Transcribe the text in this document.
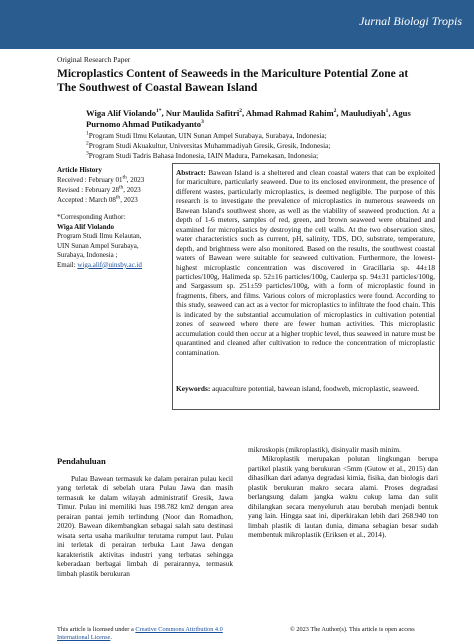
Jurnal Biologi Tropis
Original Research Paper
Microplastics Content of Seaweeds in the Mariculture Potential Zone at The Southwest of Coastal Bawean Island
Wiga Alif Violando$^{1*}$, Nur Maulida Safitri$^2$, Ahmad Rahmad Rahim$^2$, Mauludiyah$^1$, Agus
Purnomo Ahmad Putikadyanto$^3$
$^1$Program Studi Ilmu Kelautan, UIN Sunan Ampel Surabaya, Surabaya, Indonesia;
$^2$Program Studi Akuakultur, Universitas Muhammadiyah Gresik, Gresik, Indonesia;
$^3$Program Studi Tadris Bahasa Indonesia, IAIN Madura, Pamekasan, Indonesia;
Article History
Received : February 01th, 2023
Revised : February 28th, 2023
Accepted : March 08th, 2023
*Corresponding Author:
Wiga Alif Violando
Program Studi Ilmu Kelautan,
UIN Sunan Ampel Surabaya,
Surabaya, Indonesia ;
Email: wiga.alif@uinsby.ac.id
Abstract: Bawean Island is a sheltered and clean coastal waters that can be exploited for mariculture, particularly seaweed. Due to its enclosed environment, the presence of different wastes, particularly microplastics, is deemed negligible. The purpose of this research is to investigate the prevalence of microplastics in numerous seaweeds on Bawean Island's southwest shore, as well as the viability of seaweed production. At a depth of 1-6 meters, samples of red, green, and brown seaweed were obtained and examined for microplastics by destroying the cell walls. At the two observation sites, water characteristics such as current, pH, salinity, TDS, DO, substrate, temperature, depth, and brightness were also monitored. Based on the results, the southwest coastal waters of Bawean were suitable for seaweed cultivation. Furthermore, the lowest-highest microplastic concentration was discovered in Gracillaria sp. 44±18 particles/100g, Halimeda sp. 52±16 particles/100g, Caulerpa sp. 94±31 particles/100g, and Sargassum sp. 251±59 particles/100g, with a form of microplastic found in fragments, fibers, and films. Various colors of microplastics were found. According to this study, seaweed can act as a vector for microplastics to infiltrate the food chain. This is indicated by the substantial accumulation of microplastics in cultivation potential zones of seaweed where there are fewer human activities. This microplastic accumulation could then occur at a higher trophic level, thus seaweed in nature must be quarantined and cleaned after cultivation to reduce the concentration of microplastic contamination.
Keywords: aquaculture potential, bawean island, foodweb, microplastic, seaweed.
Pendahuluan

Pulau Bawean termasuk ke dalam perairan pulau kecil yang terletak di sebelah utara Pulau Jawa dan masih termasuk ke dalam wilayah administratif Gresik, Jawa Timur. Pulau ini memiliki luas 198.782 km2 dengan area perairan pantai jernih terlindung (Noor dan Romadhon, 2020). Bawean dikembangkan sebagai salah satu destinasi wisata serta usaha marikultur terutama rumput laut. Pulau ini terletak di perairan terbuka Laut Jawa dengan karakteristik aktivitas industri yang terbatas sehingga keberadaan berbagai limbah di perairannya, termasuk limbah plastik berukuran

mikroskopis (mikroplastik), disinyalir masih minim.

Mikroplastik merupakan polutan lingkungan berupa partikel plastik yang berukuran <5mm (Gutow et al., 2015) dan dihasilkan dari adanya degradasi kimia, fisika, dan biologis dari plastik berukuran makro secara alami. Proses degradasi berlangsung dalam jangka waktu cukup lama dan sulit dihilangkan secara menyeluruh atau berubah menjadi bentuk yang lain. Hingga saat ini, diperkirakan lebih dari 268.940 ton limbah plastik di lautan dunia, dimana sebagian besar sudah membentuk mikroplastik (Eriksen et al., 2014).

This article is licensed under a Creative Commons Attribution 4.0
International License.
© 2023 The Author(s). This article is open access
